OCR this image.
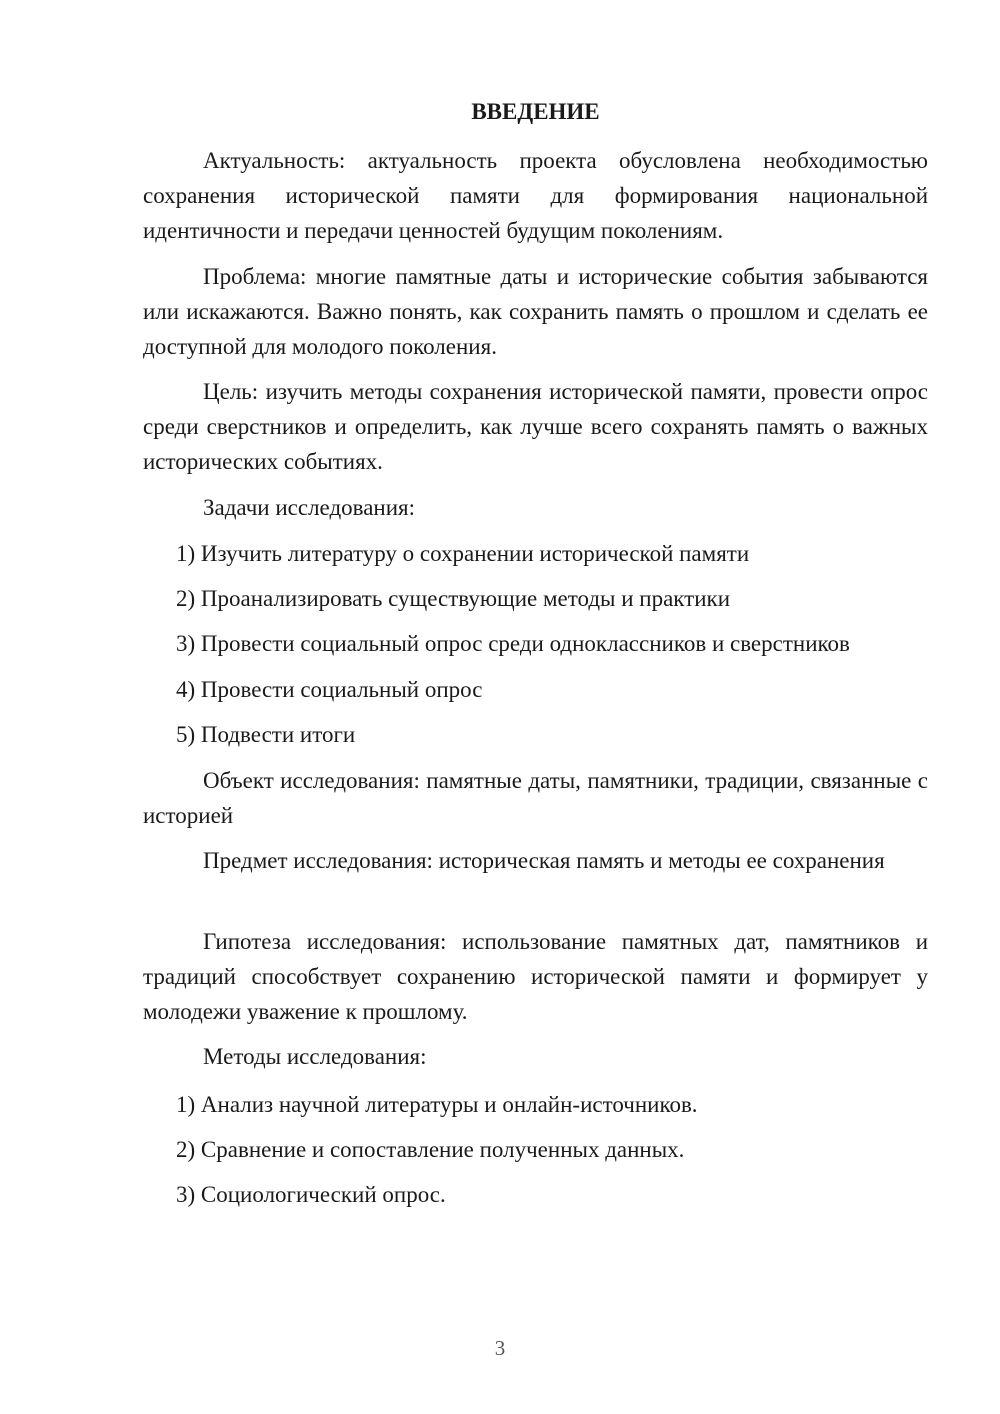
ВВЕДЕНИЕ

Актуальность: актуальность проекта обусловлена необходимостью сохранения исторической памяти для формирования национальной идентичности и передачи ценностей будущим поколениям.

Проблема: многие памятные даты и исторические события забываются или искажаются. Важно понять, как сохранить память о прошлом и сделать ее доступной для молодого поколения.

Цель: изучить методы сохранения исторической памяти, провести опрос среди сверстников и определить, как лучше всего сохранять память о важных исторических событиях.

Задачи исследования:

1) Изучить литературу о сохранении исторической памяти
2) Проанализировать существующие методы и практики
3) Провести социальный опрос среди одноклассников и сверстников
4) Провести социальный опрос
5) Подвести итоги

Объект исследования: памятные даты, памятники, традиции, связанные с историей

Предмет исследования: историческая память и методы ее сохранения

Гипотеза исследования: использование памятных дат, памятников и традиций способствует сохранению исторической памяти и формирует у молодежи уважение к прошлому.

Методы исследования:

1) Анализ научной литературы и онлайн-источников.
2) Сравнение и сопоставление полученных данных.
3) Социологический опрос.
3
